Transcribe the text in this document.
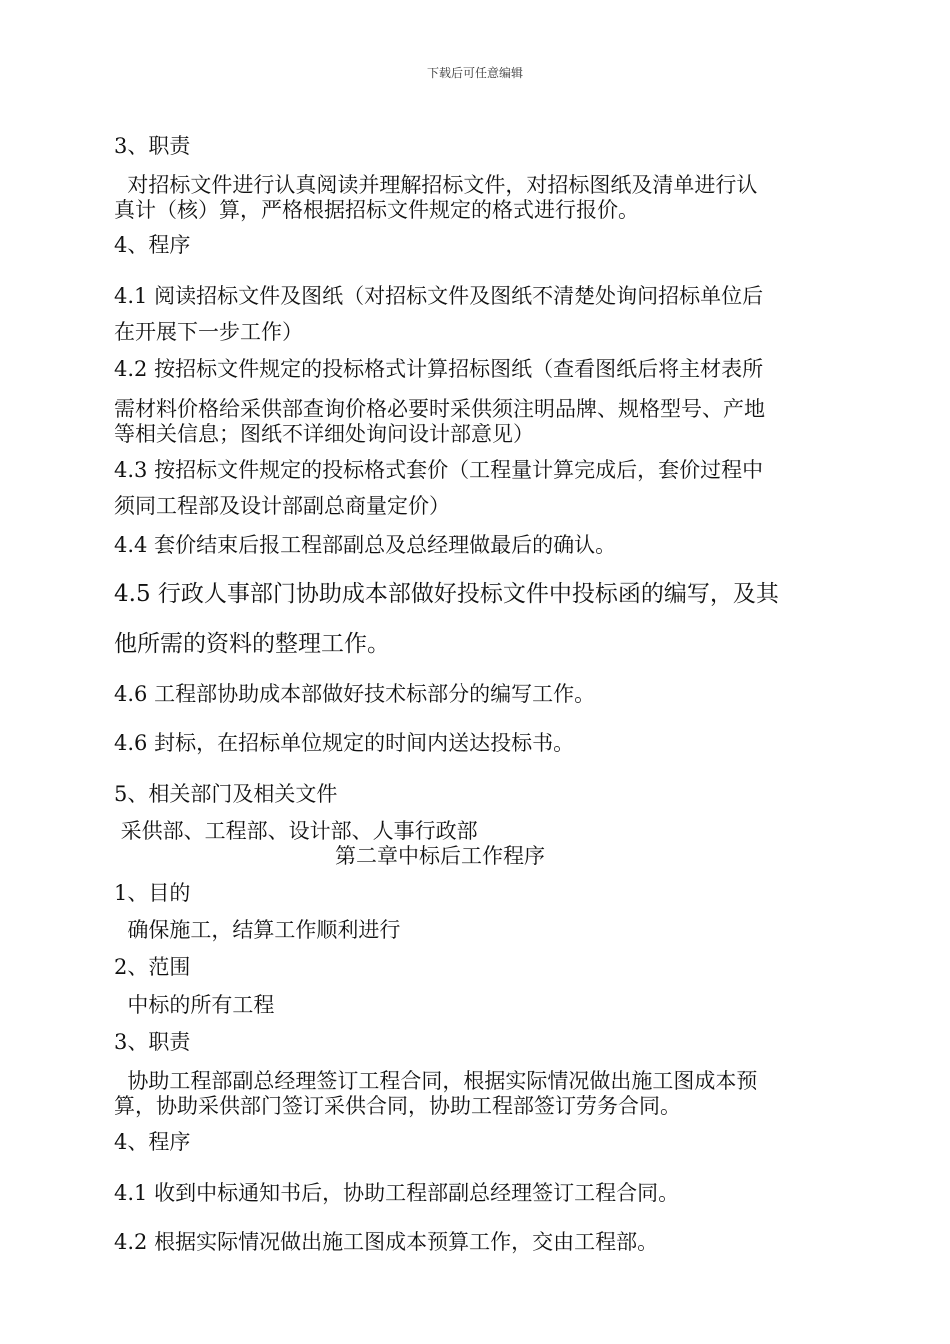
下载后可任意编辑
3、职责
对招标文件进行认真阅读并理解招标文件，对招标图纸及清单进行认
真计（核）算，严格根据招标文件规定的格式进行报价。
4、程序
4.1 阅读招标文件及图纸（对招标文件及图纸不清楚处询问招标单位后
在开展下一步工作）
4.2 按招标文件规定的投标格式计算招标图纸（查看图纸后将主材表所
需材料价格给采供部查询价格必要时采供须注明品牌、规格型号、产地
等相关信息；图纸不详细处询问设计部意见）
4.3 按招标文件规定的投标格式套价（工程量计算完成后，套价过程中
须同工程部及设计部副总商量定价）
4.4 套价结束后报工程部副总及总经理做最后的确认。
4.5 行政人事部门协助成本部做好投标文件中投标函的编写，及其
他所需的资料的整理工作。
4.6 工程部协助成本部做好技术标部分的编写工作。
4.6 封标，在招标单位规定的时间内送达投标书。
5、相关部门及相关文件
采供部、工程部、设计部、人事行政部
第二章中标后工作程序
1、目的
确保施工，结算工作顺利进行
2、范围
中标的所有工程
3、职责
协助工程部副总经理签订工程合同，根据实际情况做出施工图成本预
算，协助采供部门签订采供合同，协助工程部签订劳务合同。
4、程序
4.1 收到中标通知书后，协助工程部副总经理签订工程合同。
4.2 根据实际情况做出施工图成本预算工作，交由工程部。
